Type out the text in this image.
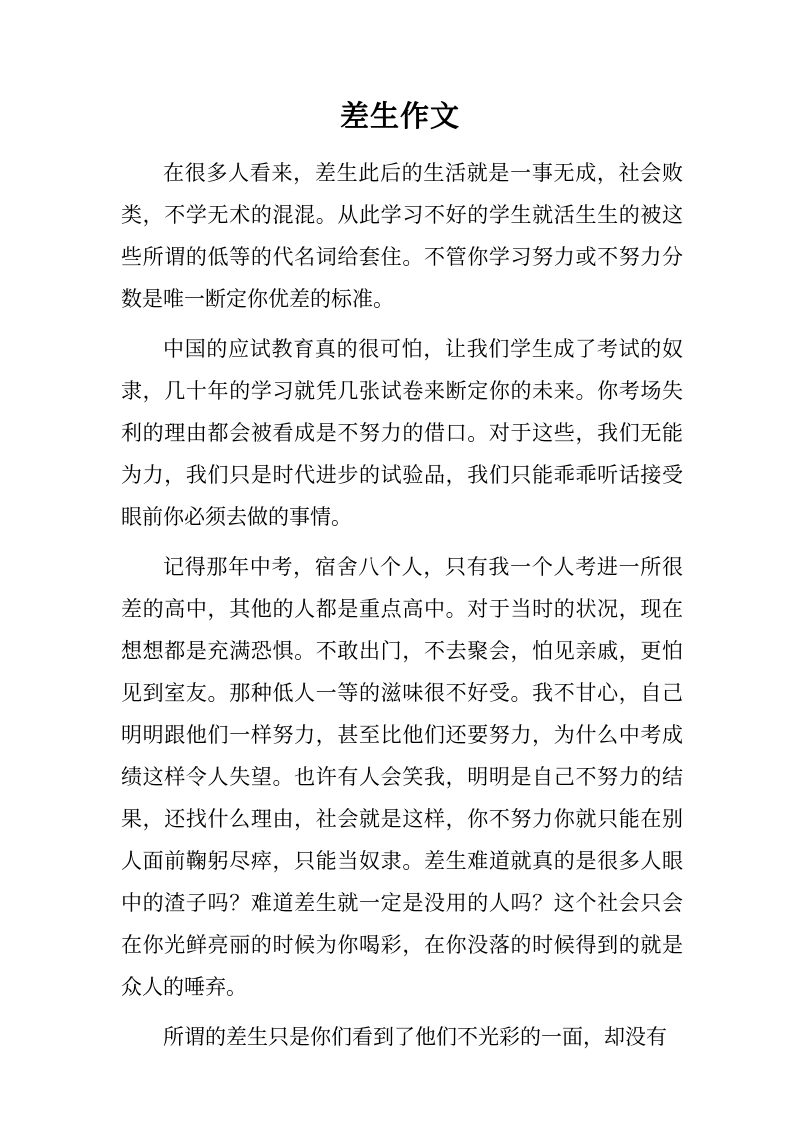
差生作文

在很多人看来，差生此后的生活就是一事无成，社会败类，不学无术的混混。从此学习不好的学生就活生生的被这些所谓的低等的代名词给套住。不管你学习努力或不努力分数是唯一断定你优差的标准。

中国的应试教育真的很可怕，让我们学生成了考试的奴隶，几十年的学习就凭几张试卷来断定你的未来。你考场失利的理由都会被看成是不努力的借口。对于这些，我们无能为力，我们只是时代进步的试验品，我们只能乖乖听话接受眼前你必须去做的事情。

记得那年中考，宿舍八个人，只有我一个人考进一所很差的高中，其他的人都是重点高中。对于当时的状况，现在想想都是充满恐惧。不敢出门，不去聚会，怕见亲戚，更怕见到室友。那种低人一等的滋味很不好受。我不甘心，自己明明跟他们一样努力，甚至比他们还要努力，为什么中考成绩这样令人失望。也许有人会笑我，明明是自己不努力的结果，还找什么理由，社会就是这样，你不努力你就只能在别人面前鞠躬尽瘁，只能当奴隶。差生难道就真的是很多人眼中的渣子吗？难道差生就一定是没用的人吗？这个社会只会在你光鲜亮丽的时候为你喝彩，在你没落的时候得到的就是众人的唾弃。

所谓的差生只是你们看到了他们不光彩的一面，却没有
